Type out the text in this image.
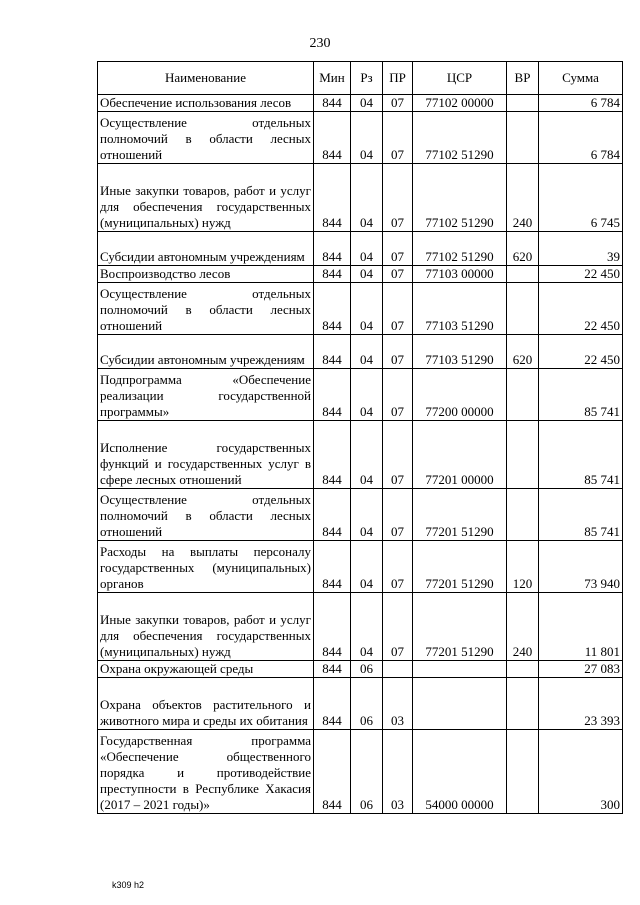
230
Наименование	Мин	Рз	ПР	ЦСР	ВР	Сумма
Обеспечение использования лесов	844	04	07	77102 00000		6 784
Осуществление отдельных полномочий в области лесных отношений	844	04	07	77102 51290		6 784
Иные закупки товаров, работ и услуг для обеспечения государственных (муниципальных) нужд	844	04	07	77102 51290	240	6 745
Субсидии автономным учреждениям	844	04	07	77102 51290	620	39
Воспроизводство лесов	844	04	07	77103 00000		22 450
Осуществление отдельных полномочий в области лесных отношений	844	04	07	77103 51290		22 450
Субсидии автономным учреждениям	844	04	07	77103 51290	620	22 450
Подпрограмма «Обеспечение реализации государственной программы»	844	04	07	77200 00000		85 741
Исполнение государственных функций и государственных услуг в сфере лесных отношений	844	04	07	77201 00000		85 741
Осуществление отдельных полномочий в области лесных отношений	844	04	07	77201 51290		85 741
Расходы на выплаты персоналу государственных (муниципальных) органов	844	04	07	77201 51290	120	73 940
Иные закупки товаров, работ и услуг для обеспечения государственных (муниципальных) нужд	844	04	07	77201 51290	240	11 801
Охрана окружающей среды	844	06				27 083
Охрана объектов растительного и животного мира и среды их обитания	844	06	03			23 393
Государственная программа «Обеспечение общественного порядка и противодействие преступности в Республике Хакасия (2017 – 2021 годы)»	844	06	03	54000 00000		300
k309 h2
